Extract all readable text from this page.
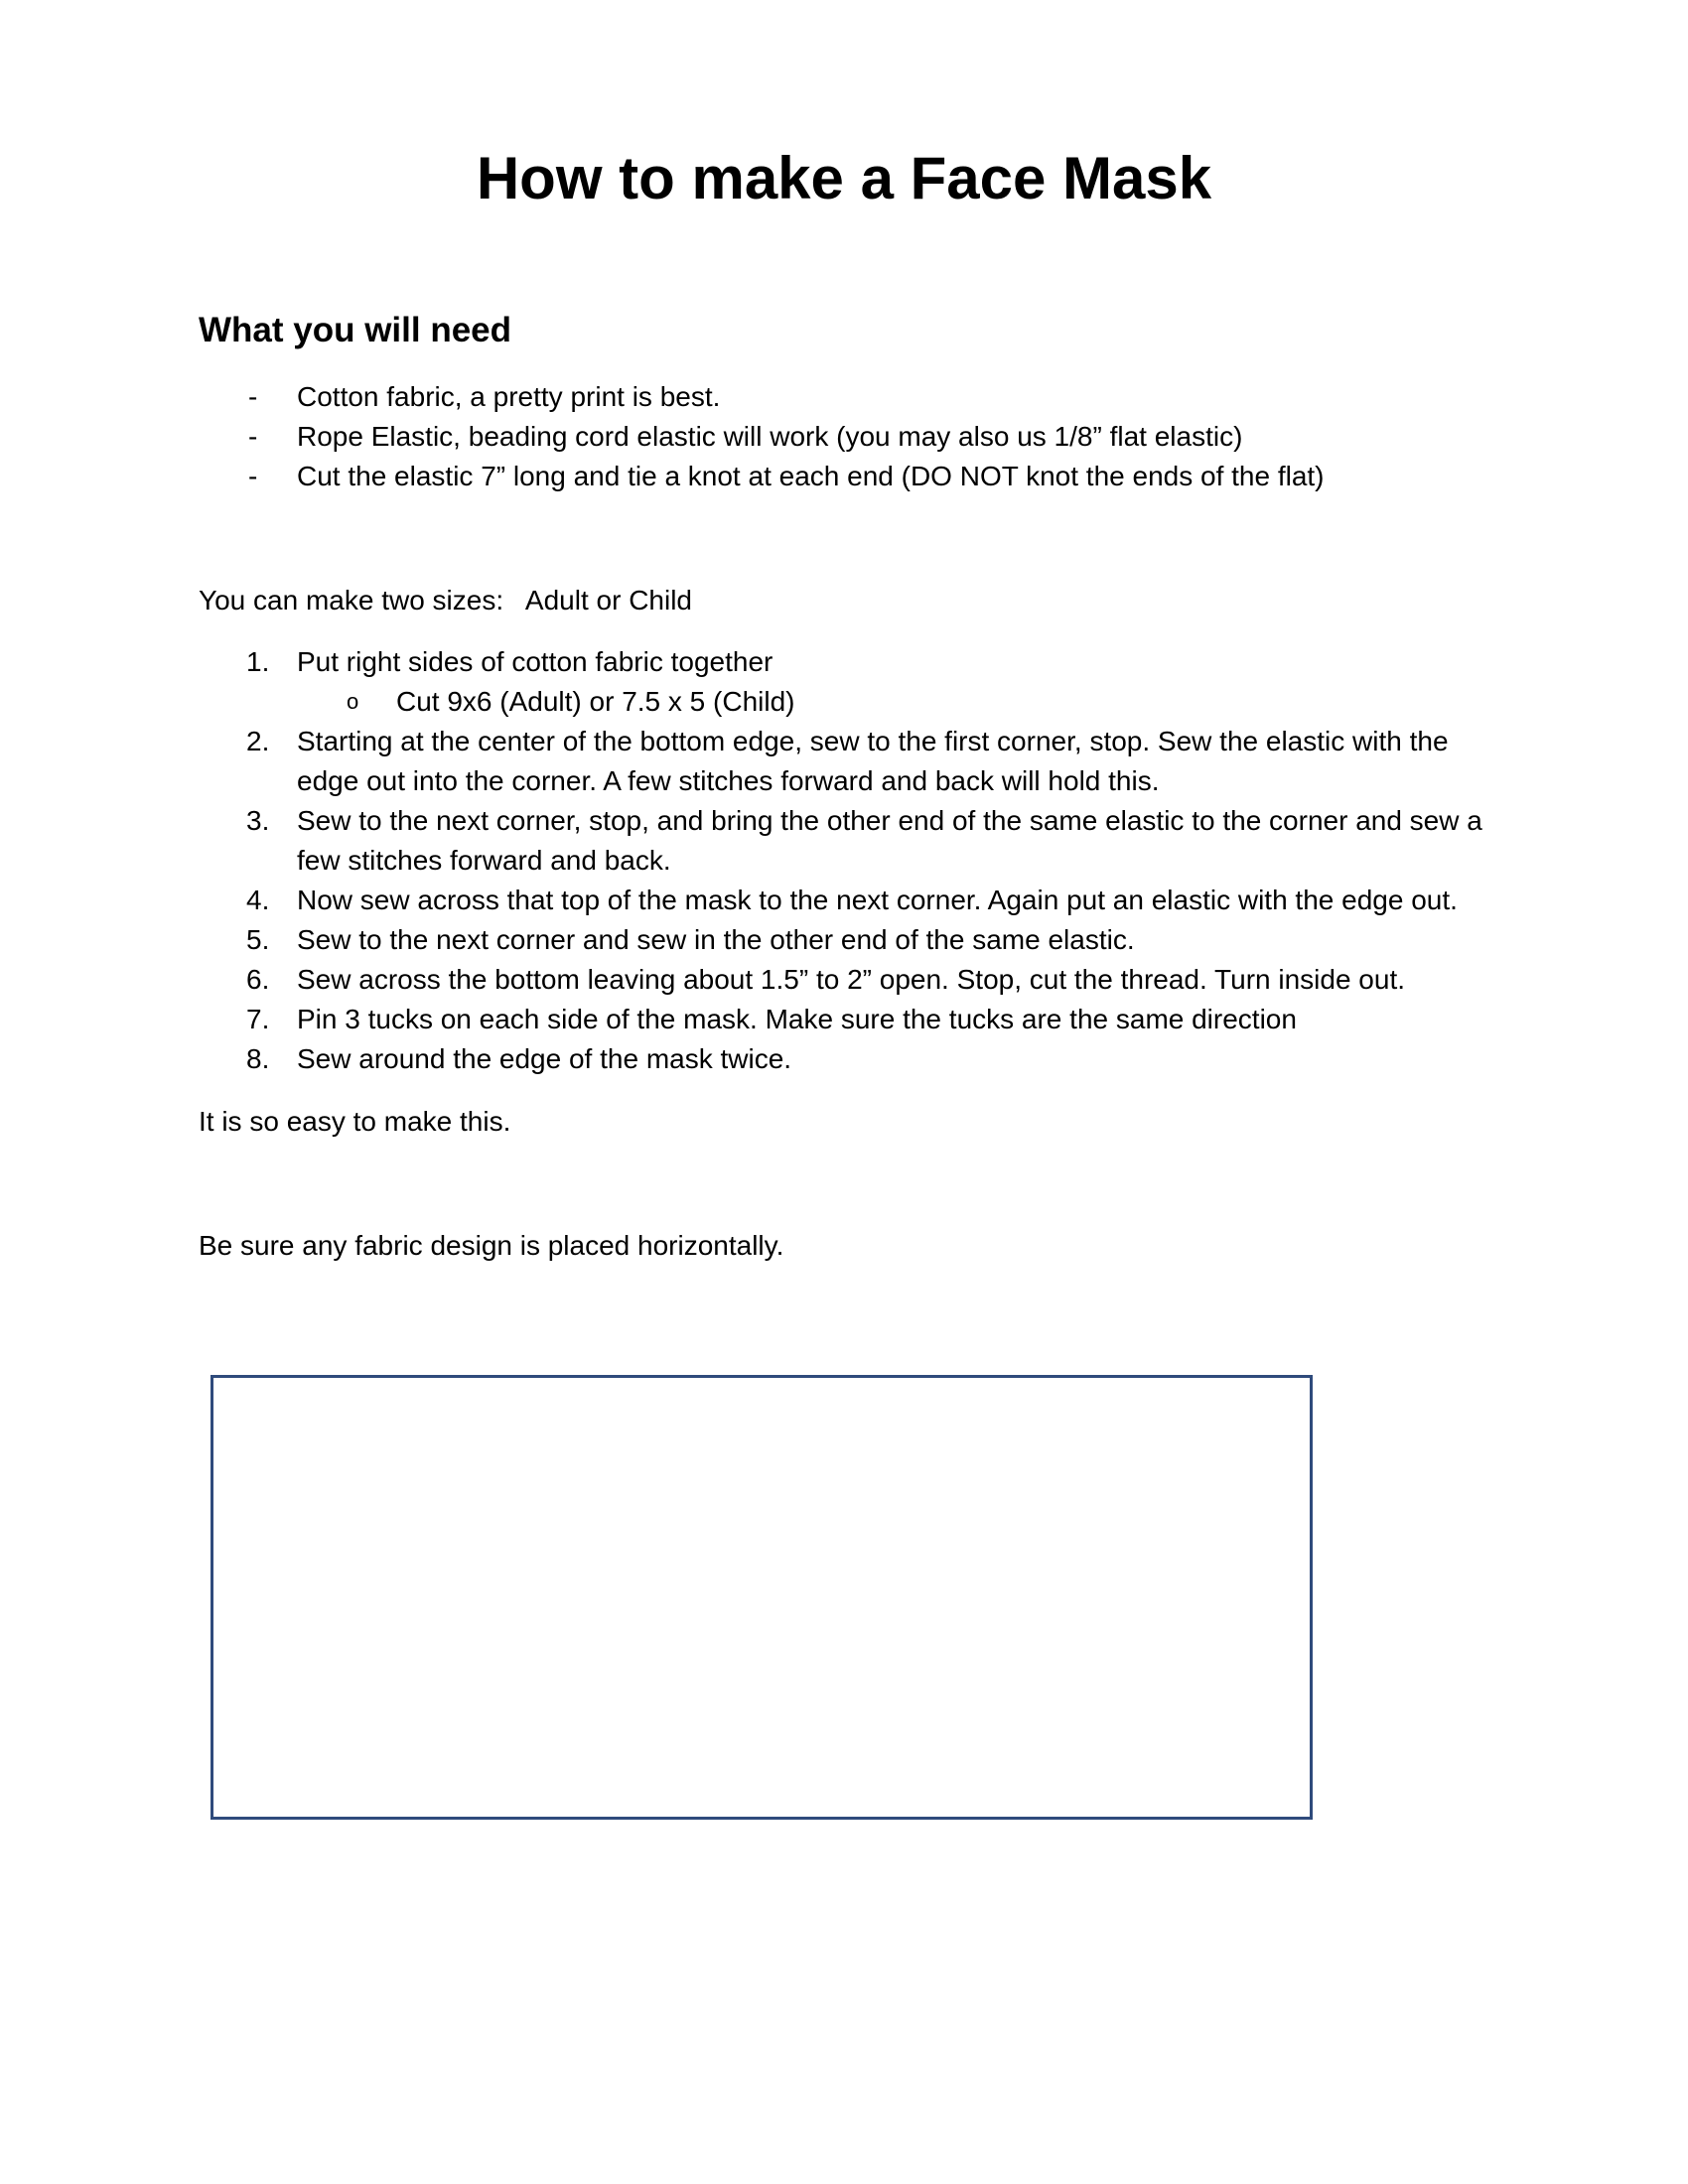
How to make a Face Mask
What you will need
- Cotton fabric, a pretty print is best.
- Rope Elastic, beading cord elastic will work (you may also us 1/8” flat elastic)
- Cut the elastic 7” long and tie a knot at each end (DO NOT knot the ends of the flat)

You can make two sizes:   Adult or Child

1. Put right sides of cotton fabric together
o Cut 9x6 (Adult) or 7.5 x 5 (Child)
2. Starting at the center of the bottom edge, sew to the first corner, stop. Sew the elastic with the edge out into the corner. A few stitches forward and back will hold this.
3. Sew to the next corner, stop, and bring the other end of the same elastic to the corner and sew a few stitches forward and back.
4. Now sew across that top of the mask to the next corner. Again put an elastic with the edge out.
5. Sew to the next corner and sew in the other end of the same elastic.
6. Sew across the bottom leaving about 1.5” to 2” open. Stop, cut the thread. Turn inside out.
7. Pin 3 tucks on each side of the mask. Make sure the tucks are the same direction
8. Sew around the edge of the mask twice.

It is so easy to make this.

Be sure any fabric design is placed horizontally.
